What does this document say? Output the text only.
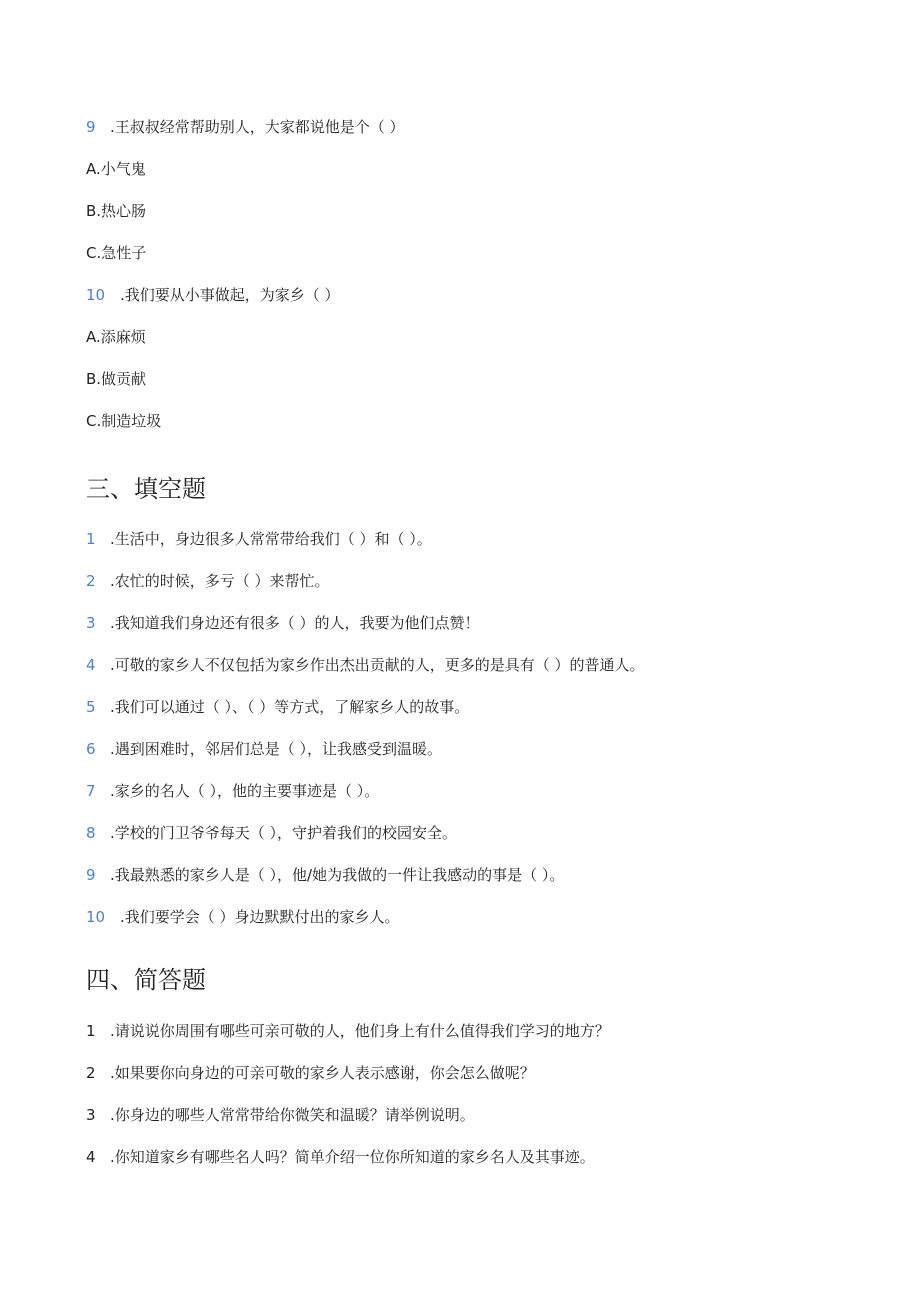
9 .王叔叔经常帮助别人，大家都说他是个（ ）
A.小气鬼
B.热心肠
C.急性子
10 .我们要从小事做起，为家乡（ ）
A.添麻烦
B.做贡献
C.制造垃圾
三、填空题
1 .生活中，身边很多人常常带给我们（ ）和（ ）。
2 .农忙的时候，多亏（ ）来帮忙。
3 .我知道我们身边还有很多（ ）的人，我要为他们点赞！
4 .可敬的家乡人不仅包括为家乡作出杰出贡献的人，更多的是具有（ ）的普通人。
5 .我们可以通过（ ）、（ ）等方式，了解家乡人的故事。
6 .遇到困难时，邻居们总是（ ），让我感受到温暖。
7 .家乡的名人（ ），他的主要事迹是（ ）。
8 .学校的门卫爷爷每天（ ），守护着我们的校园安全。
9 .我最熟悉的家乡人是（ ），他/她为我做的一件让我感动的事是（ ）。
10 .我们要学会（ ）身边默默付出的家乡人。
四、简答题
1 .请说说你周围有哪些可亲可敬的人，他们身上有什么值得我们学习的地方？
2 .如果要你向身边的可亲可敬的家乡人表示感谢，你会怎么做呢？
3 .你身边的哪些人常常带给你微笑和温暖？请举例说明。
4 .你知道家乡有哪些名人吗？简单介绍一位你所知道的家乡名人及其事迹。
